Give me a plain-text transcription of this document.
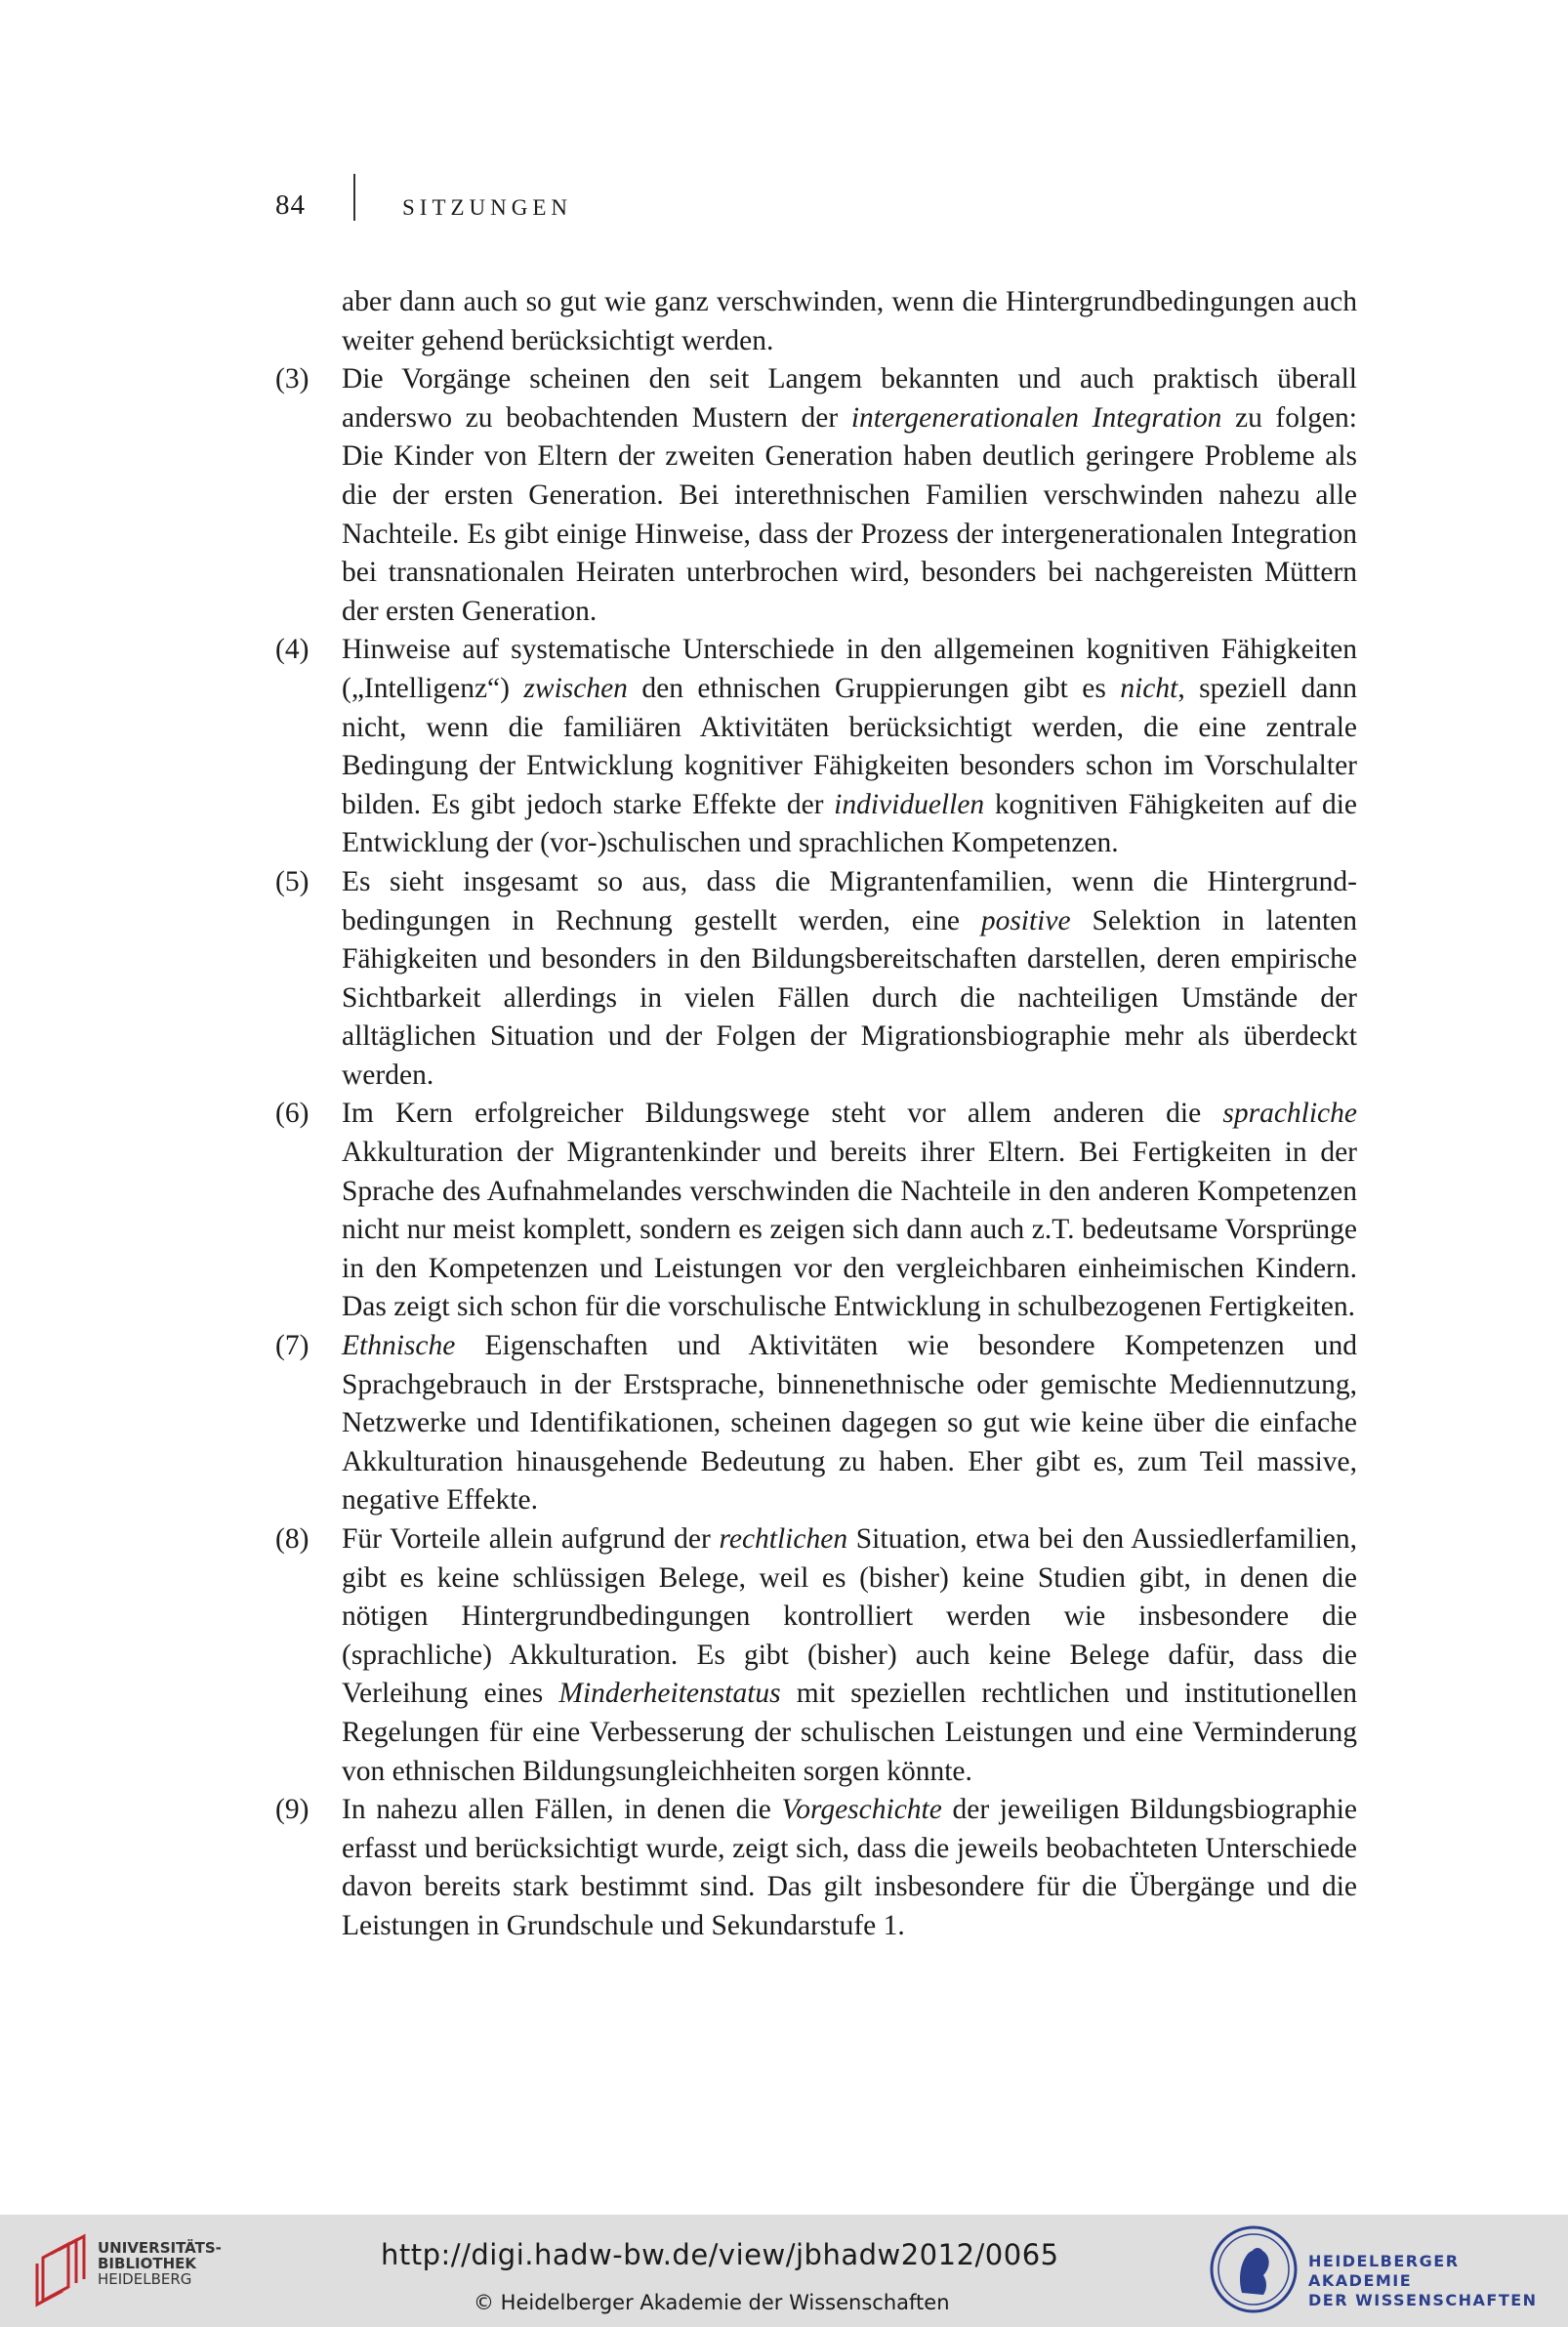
84	SITZUNGEN
aber dann auch so gut wie ganz verschwinden, wenn die Hintergrundbedingungen auch weiter gehend berücksichtigt werden.
(3) Die Vorgänge scheinen den seit Langem bekannten und auch praktisch überall anderswo zu beobachtenden Mustern der intergenerationalen Integration zu folgen: Die Kinder von Eltern der zweiten Generation haben deutlich geringere Probleme als die der ersten Generation. Bei interethnischen Familien verschwinden nahezu alle Nachteile. Es gibt einige Hinweise, dass der Prozess der intergenerationalen Integration bei transnationalen Heiraten unterbrochen wird, besonders bei nachgereisten Müttern der ersten Generation.
(4) Hinweise auf systematische Unterschiede in den allgemeinen kognitiven Fähigkeiten („Intelligenz“) zwischen den ethnischen Gruppierungen gibt es nicht, speziell dann nicht, wenn die familiären Aktivitäten berücksichtigt werden, die eine zentrale Bedingung der Entwicklung kognitiver Fähigkeiten besonders schon im Vorschulalter bilden. Es gibt jedoch starke Effekte der individuellen kognitiven Fähigkeiten auf die Entwicklung der (vor-)schulischen und sprachlichen Kompetenzen.
(5) Es sieht insgesamt so aus, dass die Migrantenfamilien, wenn die Hintergrundbedingungen in Rechnung gestellt werden, eine positive Selektion in latenten Fähigkeiten und besonders in den Bildungsbereitschaften darstellen, deren empirische Sichtbarkeit allerdings in vielen Fällen durch die nachteiligen Umstände der alltäglichen Situation und der Folgen der Migrationsbiographie mehr als überdeckt werden.
(6) Im Kern erfolgreicher Bildungswege steht vor allem anderen die sprachliche Akkulturation der Migrantenkinder und bereits ihrer Eltern. Bei Fertigkeiten in der Sprache des Aufnahmelandes verschwinden die Nachteile in den anderen Kompetenzen nicht nur meist komplett, sondern es zeigen sich dann auch z.T. bedeutsame Vorsprünge in den Kompetenzen und Leistungen vor den vergleichbaren einheimischen Kindern. Das zeigt sich schon für die vorschulische Entwicklung in schulbezogenen Fertigkeiten.
(7) Ethnische Eigenschaften und Aktivitäten wie besondere Kompetenzen und Sprachgebrauch in der Erstsprache, binnenethnische oder gemischte Mediennutzung, Netzwerke und Identifikationen, scheinen dagegen so gut wie keine über die einfache Akkulturation hinausgehende Bedeutung zu haben. Eher gibt es, zum Teil massive, negative Effekte.
(8) Für Vorteile allein aufgrund der rechtlichen Situation, etwa bei den Aussiedlerfamilien, gibt es keine schlüssigen Belege, weil es (bisher) keine Studien gibt, in denen die nötigen Hintergrundbedingungen kontrolliert werden wie insbesondere die (sprachliche) Akkulturation. Es gibt (bisher) auch keine Belege dafür, dass die Verleihung eines Minderheitenstatus mit speziellen rechtlichen und institutionellen Regelungen für eine Verbesserung der schulischen Leistungen und eine Verminderung von ethnischen Bildungsungleichheiten sorgen könnte.
(9) In nahezu allen Fällen, in denen die Vorgeschichte der jeweiligen Bildungsbiographie erfasst und berücksichtigt wurde, zeigt sich, dass die jeweils beobachteten Unterschiede davon bereits stark bestimmt sind. Das gilt insbesondere für die Übergänge und die Leistungen in Grundschule und Sekundarstufe 1.
UNIVERSITÄTS-
BIBLIOTHEK
HEIDELBERG
http://digi.hadw-bw.de/view/jbhadw2012/0065
© Heidelberger Akademie der Wissenschaften
HEIDELBERGER AKADEMIE
DER WISSENSCHAFTEN
